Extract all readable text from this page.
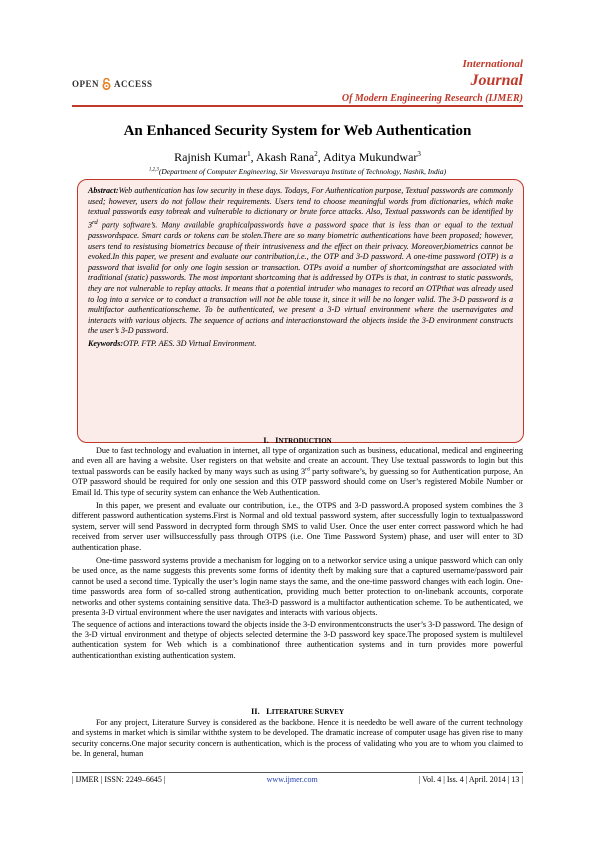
OPEN ACCESS
International
Journal
Of Modern Engineering Research (IJMER)
An Enhanced Security System for Web Authentication
Rajnish Kumar$^1$, Akash Rana$^2$, Aditya Mukundwar$^3$
$^{1,2,3}$(Department of Computer Engineering, Sir Visvesvaraya Institute of Technology, Nashik, India)
Abstract:Web authentication has low security in these days. Todays, For Authentication purpose, Textual passwords are commonly used; however, users do not follow their requirements. Users tend to choose meaningful words from dictionaries, which make textual passwords easy tobreak and vulnerable to dictionary or brute force attacks. Also, Textual passwords can be identified by 3rd party software’s. Many available graphicalpasswords have a password space that is less than or equal to the textual passwordspace. Smart cards or tokens can be stolen.There are so many biometric authentications have been proposed; however, users tend to resistusing biometrics because of their intrusiveness and the effect on their privacy. Moreover,biometrics cannot be evoked.In this paper, we present and evaluate our contribution,i.e., the OTP and 3-D password. A one-time password (OTP) is a password that isvalid for only one login session or transaction. OTPs avoid a number of shortcomingsthat are associated with traditional (static) passwords. The most important shortcoming that is addressed by OTPs is that, in contrast to static passwords, they are not vulnerable to replay attacks. It means that a potential intruder who manages to record an OTPthat was already used to log into a service or to conduct a transaction will not be able touse it, since it will be no longer valid. The 3-D password is a multifactor authenticationscheme. To be authenticated, we present a 3-D virtual environment where the usernavigates and interacts with various objects. The sequence of actions and interactionstoward the objects inside the 3-D environment constructs the user’s 3-D password.
Keywords:OTP. FTP. AES. 3D Virtual Environment.
I. INTRODUCTION

Due to fast technology and evaluation in internet, all type of organization such as business, educational, medical and engineering and even all are having a website. User registers on that website and create an account. They Use textual passwords to login but this textual passwords can be easily hacked by many ways such as using 3rd party software’s, by guessing so for Authentication purpose, An OTP password should be required for only one session and this OTP password should come on User’s registered Mobile Number or Email Id. This type of security system can enhance the Web Authentication.

In this paper, we present and evaluate our contribution, i.e., the OTPS and 3-D password.A proposed system combines the 3 different password authentication systems.First is Normal and old textual password system, after successfully login to textualpassword system, server will send Password in decrypted form through SMS to valid User. Once the user enter correct password which he had received from server user willsuccessfully pass through OTPS (i.e. One Time Password System) phase, and user will enter to 3D authentication phase.

One-time password systems provide a mechanism for logging on to a networkor service using a unique password which can only be used once, as the name suggests this prevents some forms of identity theft by making sure that a captured username/password pair cannot be used a second time. Typically the user’s login name stays the same, and the one-time password changes with each login. One-time passwords area form of so-called strong authentication, providing much better protection to on-linebank accounts, corporate networks and other systems containing sensitive data. The3-D password is a multifactor authentication scheme. To be authenticated, we presenta 3-D virtual environment where the user navigates and interacts with various objects.

The sequence of actions and interactions toward the objects inside the 3-D environmentconstructs the user’s 3-D password. The design of the 3-D virtual environment and thetype of objects selected determine the 3-D password key space.The proposed system is multilevel authentication system for Web which is a combinationof three authentication systems and in turn provides more powerful authenticationthan existing authentication system.

II. LITERATURE SURVEY

For any project, Literature Survey is considered as the backbone. Hence it is neededto be well aware of the current technology and systems in market which is similar withthe system to be developed. The dramatic increase of computer usage has given rise to many security concerns.One major security concern is authentication, which is the process of validating who you are to whom you claimed to be. In general, human

| IJMER | ISSN: 2249–6645 |	www.ijmer.com	| Vol. 4 | Iss. 4 | April. 2014 | 13 |
